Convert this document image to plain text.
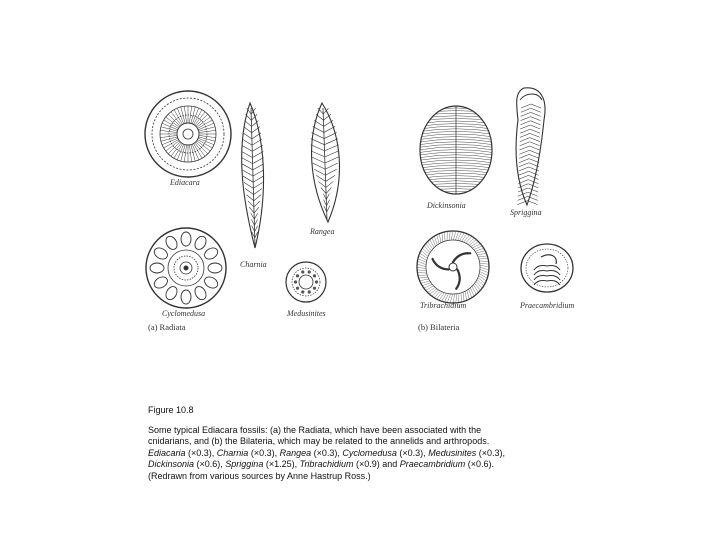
Ediacara
Charnia
Rangea
Cyclomedusa	Medusinites
Dickinsonia
Spriggina
Tribrachidium	Praecambridium
(a) Radiata	(b) Bilateria

Figure 10.8

Some typical Ediacara fossils: (a) the Radiata, which have been associated with the
cnidarians, and (b) the Bilateria, which may be related to the annelids and arthropods.
Ediacaria (×0.3), Charnia (×0.3), Rangea (×0.3), Cyclomedusa (×0.3), Medusinites (×0.3),
Dickinsonia (×0.6), Spriggina (×1.25), Tribrachidium (×0.9) and Praecambridium (×0.6).
(Redrawn from various sources by Anne Hastrup Ross.)
